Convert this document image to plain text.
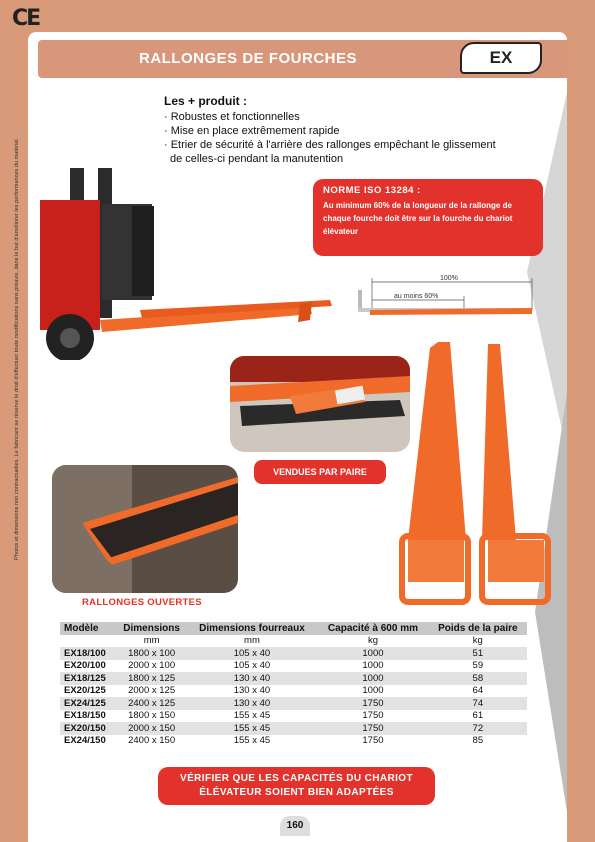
CE
RALLONGES DE FOURCHES	EX
Photos et dimensions non contractuelles. Le fabricant se réserve le droit d'effectuer toute modifications sans préavis, dans le but d'améliorer les performances du matériel.
Les + produit :
· Robustes et fonctionnelles
· Mise en place extrêmement rapide
· Etrier de sécurité à l'arrière des rallonges empêchant le glissement
de celles-ci pendant la manutention
NORME ISO 13284 :
Au minimum 60% de la longueur de la rallonge de chaque fourche doit être sur la fourche du chariot élévateur
100%
au moins 60%
VENDUES PAR PAIRE
RALLONGES OUVERTES
Modèle	Dimensions	Dimensions fourreaux	Capacité à 600 mm	Poids de la paire
	mm	mm	kg	kg
EX18/100	1800 x 100	105 x 40	1000	51
EX20/100	2000 x 100	105 x 40	1000	59
EX18/125	1800 x 125	130 x 40	1000	58
EX20/125	2000 x 125	130 x 40	1000	64
EX24/125	2400 x 125	130 x 40	1750	74
EX18/150	1800 x 150	155 x 45	1750	61
EX20/150	2000 x 150	155 x 45	1750	72
EX24/150	2400 x 150	155 x 45	1750	85
VÉRIFIER QUE LES CAPACITÉS DU CHARIOT
ÉLÉVATEUR SOIENT BIEN ADAPTÉES
160
